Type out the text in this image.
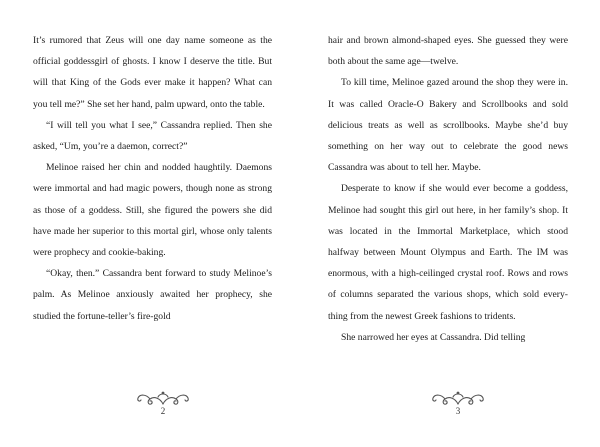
It’s rumored that Zeus will one day name someone as the official goddessgirl of ghosts. I know I deserve the title. But will that King of the Gods ever make it happen? What can you tell me?” She set her hand, palm upward, onto the table.

“I will tell you what I see,” Cassandra replied. Then she asked, “Um, you’re a daemon, correct?”

Melinoe raised her chin and nodded haughtily. Daemons were immortal and had magic powers, though none as strong as those of a goddess. Still, she figured the powers she did have made her superior to this mortal girl, whose only talents were prophecy and cookie-baking.

“Okay, then.” Cassandra bent forward to study Melinoe’s palm. As Melinoe anxiously awaited her prophecy, she studied the fortune-teller’s fire-gold

hair and brown almond-shaped eyes. She guessed they were both about the same age—twelve.

To kill time, Melinoe gazed around the shop they were in. It was called Oracle-O Bakery and Scrollbooks and sold delicious treats as well as scrollbooks. Maybe she’d buy something on her way out to celebrate the good news Cassandra was about to tell her. Maybe.

Desperate to know if she would ever become a goddess, Melinoe had sought this girl out here, in her family’s shop. It was located in the Immortal Marketplace, which stood halfway between Mount Olympus and Earth. The IM was enormous, with a high-ceilinged crystal roof. Rows and rows of columns separated the various shops, which sold everything from the newest Greek fashions to tridents.

She narrowed her eyes at Cassandra. Did telling

2	3
